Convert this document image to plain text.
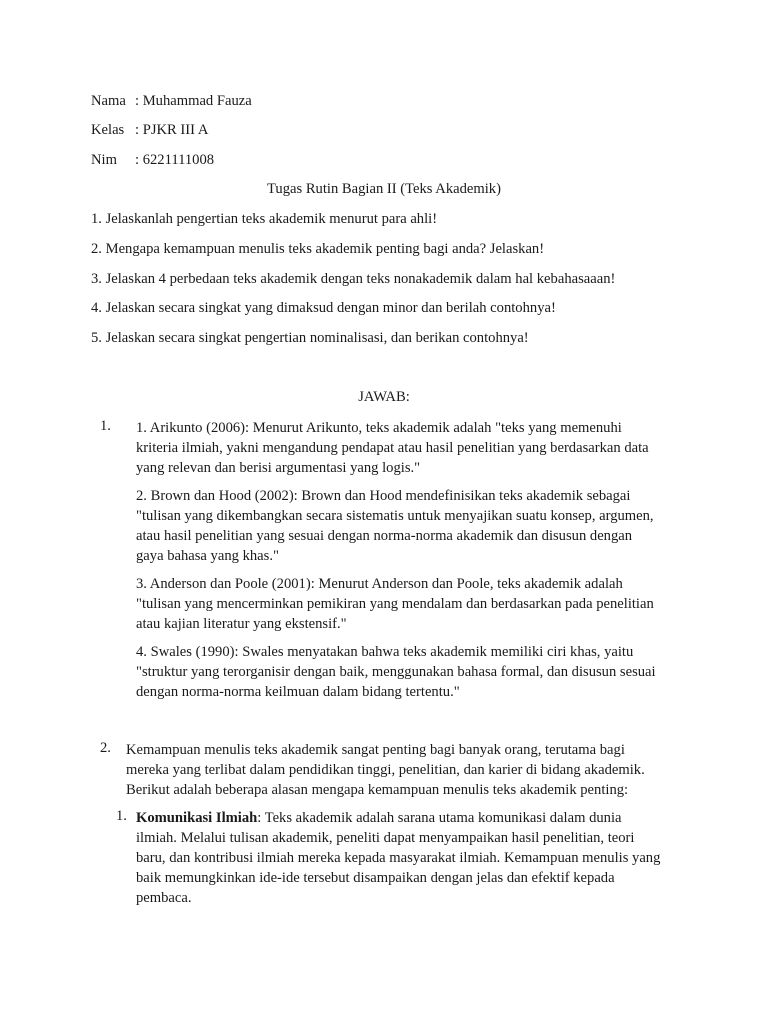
Nama : Muhammad Fauza
Kelas : PJKR III A
Nim : 6221111008
Tugas Rutin Bagian II (Teks Akademik)
1. Jelaskanlah pengertian teks akademik menurut para ahli!
2. Mengapa kemampuan menulis teks akademik penting bagi anda? Jelaskan!
3. Jelaskan 4 perbedaan teks akademik dengan teks nonakademik dalam hal kebahasaaan!
4. Jelaskan secara singkat yang dimaksud dengan minor dan berilah contohnya!
5. Jelaskan secara singkat pengertian nominalisasi, dan berikan contohnya!
JAWAB:
1. 1. Arikunto (2006): Menurut Arikunto, teks akademik adalah "teks yang memenuhi
kriteria ilmiah, yakni mengandung pendapat atau hasil penelitian yang berdasarkan data
yang relevan dan berisi argumentasi yang logis."
2. Brown dan Hood (2002): Brown dan Hood mendefinisikan teks akademik sebagai
"tulisan yang dikembangkan secara sistematis untuk menyajikan suatu konsep, argumen,
atau hasil penelitian yang sesuai dengan norma-norma akademik dan disusun dengan
gaya bahasa yang khas."
3. Anderson dan Poole (2001): Menurut Anderson dan Poole, teks akademik adalah
"tulisan yang mencerminkan pemikiran yang mendalam dan berdasarkan pada penelitian
atau kajian literatur yang ekstensif."
4. Swales (1990): Swales menyatakan bahwa teks akademik memiliki ciri khas, yaitu
"struktur yang terorganisir dengan baik, menggunakan bahasa formal, dan disusun sesuai
dengan norma-norma keilmuan dalam bidang tertentu."
2. Kemampuan menulis teks akademik sangat penting bagi banyak orang, terutama bagi
mereka yang terlibat dalam pendidikan tinggi, penelitian, dan karier di bidang akademik.
Berikut adalah beberapa alasan mengapa kemampuan menulis teks akademik penting:
1. Komunikasi Ilmiah: Teks akademik adalah sarana utama komunikasi dalam dunia
ilmiah. Melalui tulisan akademik, peneliti dapat menyampaikan hasil penelitian, teori
baru, dan kontribusi ilmiah mereka kepada masyarakat ilmiah. Kemampuan menulis yang
baik memungkinkan ide-ide tersebut disampaikan dengan jelas dan efektif kepada
pembaca.
